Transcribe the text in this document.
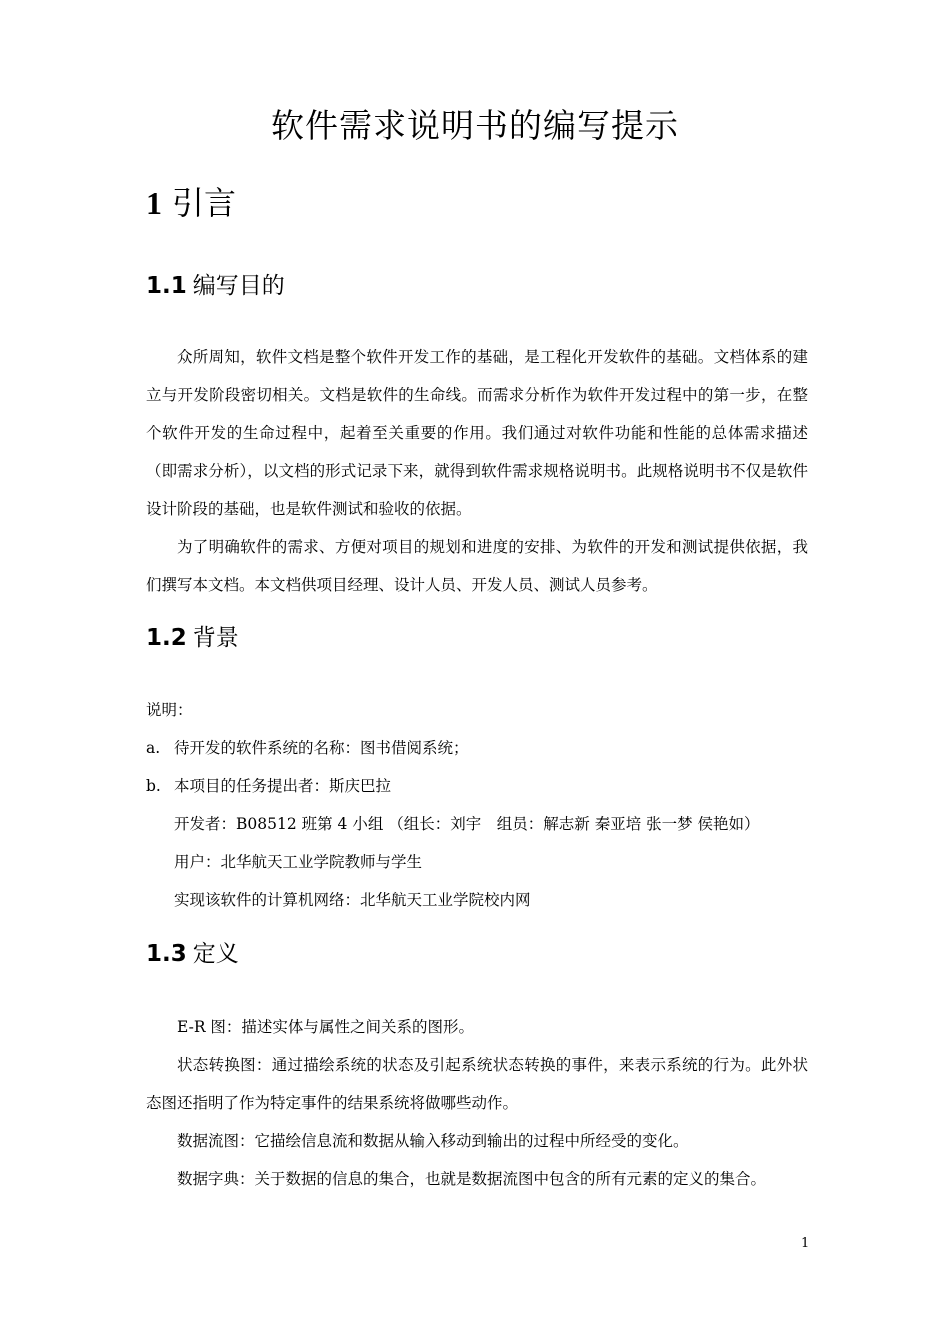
软件需求说明书的编写提示
1 引言
1.1 编写目的
众所周知，软件文档是整个软件开发工作的基础，是工程化开发软件的基础。文档体系的建立与开发阶段密切相关。文档是软件的生命线。而需求分析作为软件开发过程中的第一步，在整个软件开发的生命过程中，起着至关重要的作用。我们通过对软件功能和性能的总体需求描述（即需求分析），以文档的形式记录下来，就得到软件需求规格说明书。此规格说明书不仅是软件设计阶段的基础，也是软件测试和验收的依据。
为了明确软件的需求、方便对项目的规划和进度的安排、为软件的开发和测试提供依据，我们撰写本文档。本文档供项目经理、设计人员、开发人员、测试人员参考。
1.2 背景
说明：
a. 待开发的软件系统的名称：图书借阅系统；
b. 本项目的任务提出者：斯庆巴拉
开发者：B08512 班第 4 小组 （组长：刘宇　组员：解志新 秦亚培 张一梦 侯艳如）
用户：北华航天工业学院教师与学生
实现该软件的计算机网络：北华航天工业学院校内网
1.3 定义
E-R 图：描述实体与属性之间关系的图形。
状态转换图：通过描绘系统的状态及引起系统状态转换的事件，来表示系统的行为。此外状态图还指明了作为特定事件的结果系统将做哪些动作。
数据流图：它描绘信息流和数据从输入移动到输出的过程中所经受的变化。
数据字典：关于数据的信息的集合，也就是数据流图中包含的所有元素的定义的集合。
1
